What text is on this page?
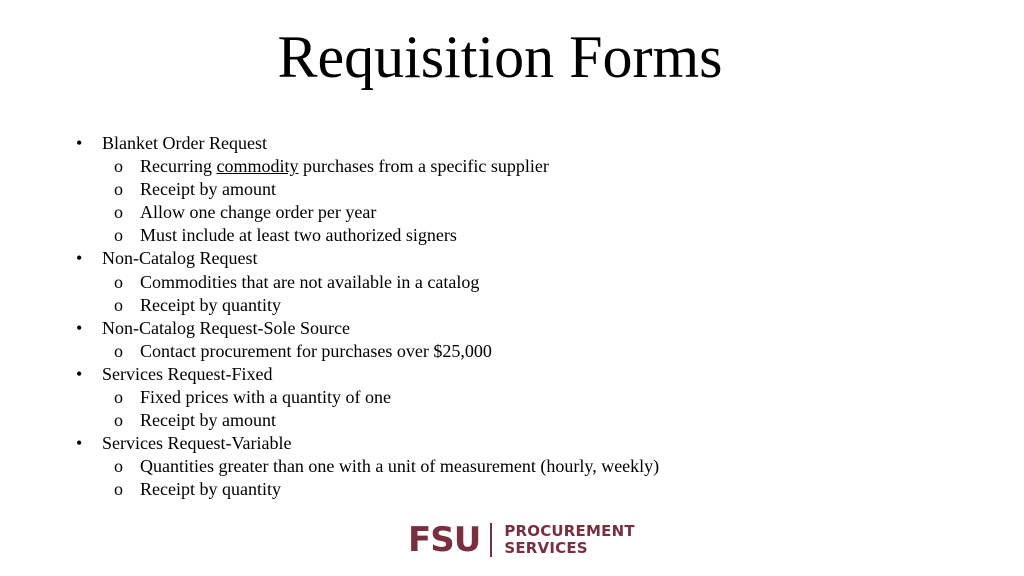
Requisition Forms
•	Blanket Order Request
o Recurring commodity purchases from a specific supplier
o Receipt by amount
o Allow one change order per year
o Must include at least two authorized signers
•	Non-Catalog Request
o Commodities that are not available in a catalog
o Receipt by quantity
•	Non-Catalog Request-Sole Source
o Contact procurement for purchases over $25,000
•	Services Request-Fixed
o Fixed prices with a quantity of one
o Receipt by amount
•	Services Request-Variable
o Quantities greater than one with a unit of measurement (hourly, weekly)
o Receipt by quantity
FSU PROCUREMENT
SERVICES
